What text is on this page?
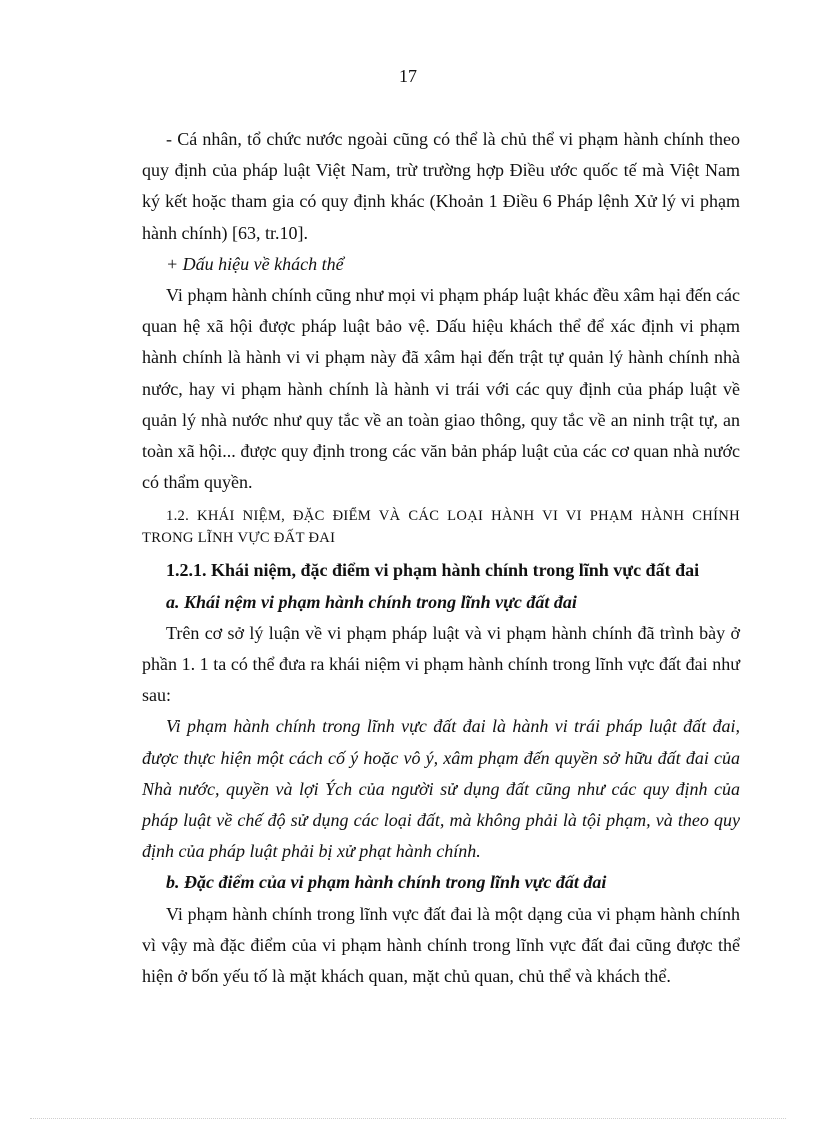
17

- Cá nhân, tổ chức nước ngoài cũng có thể là chủ thể vi phạm hành chính theo quy định của pháp luật Việt Nam, trừ trường hợp Điều ước quốc tế mà Việt Nam ký kết hoặc tham gia có quy định khác (Khoản 1 Điều 6 Pháp lệnh Xử lý vi phạm hành chính) [63, tr.10].

+ Dấu hiệu về khách thể

Vi phạm hành chính cũng như mọi vi phạm pháp luật khác đều xâm hại đến các quan hệ xã hội được pháp luật bảo vệ. Dấu hiệu khách thể để xác định vi phạm hành chính là hành vi vi phạm này đã xâm hại đến trật tự quản lý hành chính nhà nước, hay vi phạm hành chính là hành vi trái với các quy định của pháp luật về quản lý nhà nước như quy tắc về an toàn giao thông, quy tắc về an ninh trật tự, an toàn xã hội... được quy định trong các văn bản pháp luật của các cơ quan nhà nước có thẩm quyền.

1.2. KHÁI NIỆM, ĐẶC ĐIỂM VÀ CÁC LOẠI HÀNH VI VI PHẠM HÀNH CHÍNH TRONG LĨNH VỰC ĐẤT ĐAI

1.2.1. Khái niệm, đặc điểm vi phạm hành chính trong lĩnh vực đất đai

a. Khái nệm vi phạm hành chính trong lĩnh vực đất đai

Trên cơ sở lý luận về vi phạm pháp luật và vi phạm hành chính đã trình bày ở phần 1. 1 ta có thể đưa ra khái niệm vi phạm hành chính trong lĩnh vực đất đai như sau:

Vi phạm hành chính trong lĩnh vực đất đai là hành vi trái pháp luật đất đai, được thực hiện một cách cố ý hoặc vô ý, xâm phạm đến quyền sở hữu đất đai của Nhà nước, quyền và lợi Ých của người sử dụng đất cũng như các quy định của pháp luật về chế độ sử dụng các loại đất, mà không phải là tội phạm, và theo quy định của pháp luật phải bị xử phạt hành chính.

b. Đặc điểm của vi phạm hành chính trong lĩnh vực đất đai

Vi phạm hành chính trong lĩnh vực đất đai là một dạng của vi phạm hành chính vì vậy mà đặc điểm của vi phạm hành chính trong lĩnh vực đất đai cũng được thể hiện ở bốn yếu tố là mặt khách quan, mặt chủ quan, chủ thể và khách thể.
